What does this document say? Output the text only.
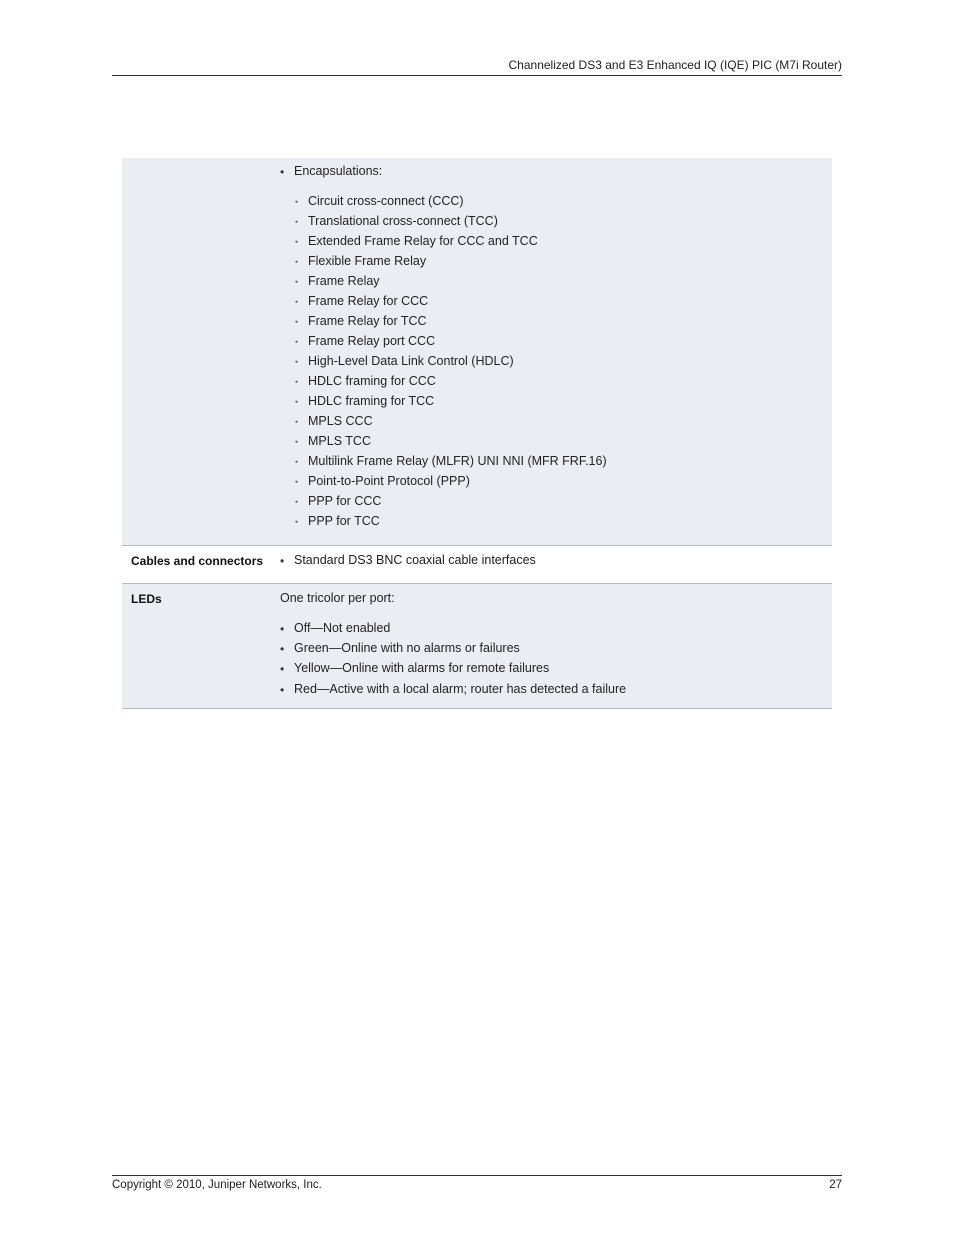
Channelized DS3 and E3 Enhanced IQ (IQE) PIC (M7i Router)
• Encapsulations:
• Circuit cross-connect (CCC)
• Translational cross-connect (TCC)
• Extended Frame Relay for CCC and TCC
• Flexible Frame Relay
• Frame Relay
• Frame Relay for CCC
• Frame Relay for TCC
• Frame Relay port CCC
• High-Level Data Link Control (HDLC)
• HDLC framing for CCC
• HDLC framing for TCC
• MPLS CCC
• MPLS TCC
• Multilink Frame Relay (MLFR) UNI NNI (MFR FRF.16)
• Point-to-Point Protocol (PPP)
• PPP for CCC
• PPP for TCC
Cables and connectors • Standard DS3 BNC coaxial cable interfaces
LEDs	One tricolor per port:
• Off—Not enabled
• Green—Online with no alarms or failures
• Yellow—Online with alarms for remote failures
• Red—Active with a local alarm; router has detected a failure
Copyright © 2010, Juniper Networks, Inc.	27
